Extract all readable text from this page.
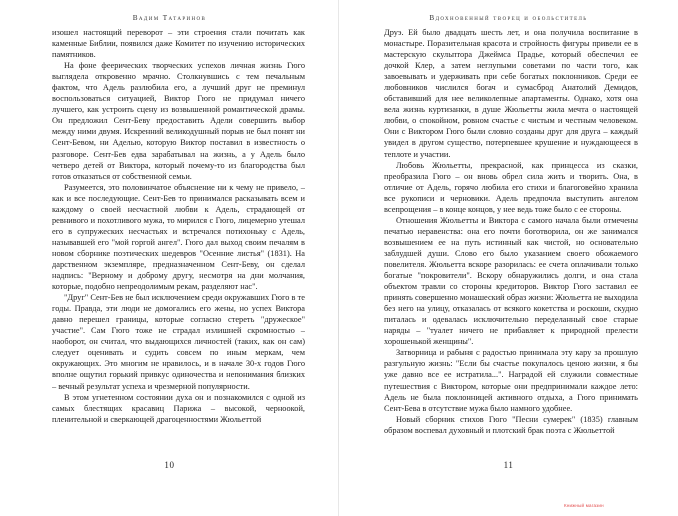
Вадим Татаринов

изошел настоящий переворот – эти строения стали почитать как каменные Библии, появился даже Комитет по изучению исторических памятников.

На фоне феерических творческих успехов личная жизнь Гюго выглядела откровенно мрачно. Столкнувшись с тем печальным фактом, что Адель разлюбила его, а лучший друг не преминул воспользоваться ситуацией, Виктор Гюго не придумал ничего лучшего, как устроить сцену из возвышенной романтической драмы. Он предложил Сент-Беву предоставить Адели совершить выбор между ними двумя. Искренний великодушный порыв не был понят ни Сент-Бевом, ни Аделью, которую Виктор поставил в известность о разговоре. Сент-Бев едва зарабатывал на жизнь, а у Адель было четверо детей от Виктора, который почему-то из благородства был готов отказаться от собственной семьи.

Разумеется, это половинчатое объяснение ни к чему не привело, – как и все последующие. Сент-Бев то принимался расказывать всем и каждому о своей несчастной любви к Адель, страдающей от ревнивого и похотливого мужа, то мирился с Гюго, лицемерно утешал его в супружеских несчастьях и встречался потихоньку с Адель, называвшей его "мой горгой ангел". Гюго дал выход своим печалям в новом сборнике поэтических шедевров "Осенние листья" (1831). На дарственном экземпляре, предназначенном Сент-Беву, он сделал надпись: "Верному и доброму другу, несмотря на дни молчания, которые, подобно непреодолимым рекам, разделяют нас".

"Друг" Сент-Бев не был исключением среди окружавших Гюго в те годы. Правда, эти люди не домогались его жены, но успех Виктора давно перешел границы, которые согласно стереть "дружеское" участие". Сам Гюго тоже не страдал излишней скромностью – наоборот, он считал, что выдающихся личностей (таких, как он сам) следует оценивать и судить совсем по иным меркам, чем окружающих. Это многим не нравилось, и в начале 30-х годов Гюго вполне ощутил горький привкус одиночества и непонимания близких – вечный результат успеха и чрезмерной популярности.

В этом угнетенном состоянии духа он и познакомился с одной из самых блестящих красавиц Парижа – высокой, черноокой, пленительной и сверкающей драгоценностями Жюльеттой

10
Вдохновенный творец и обольститель

Друэ. Ей было двадцать шесть лет, и она получила воспитание в монастыре. Поразительная красота и стройность фигуры привели ее в мастерскую скульптора Джеймса Прадье, который обеспечил ее дочкой Клер, а затем неглупыми советами по части того, как завоевывать и удерживать при себе богатых поклонников. Среди ее любовников числился богач и сумасброд Анатолий Демидов, обставивший для нее великолепные апартаменты. Однако, хотя она вела жизнь куртизанки, в душе Жюльетты жила мечта о настоящей любви, о спокойном, ровном счастье с чистым и честным человеком. Они с Виктором Гюго были словно созданы друг для друга – каждый увидел в другом существо, потерпевшее крушение и нуждающееся в теплоте и участии.

Любовь Жюльетты, прекрасной, как принцесса из сказки, преобразила Гюго – он вновь обрел сила жить и творить. Она, в отличие от Адель, горячо любила его стихи и благоговейно хранила все рукописи и черновики. Адель предпочла выступить ангелом всепрощения – в конце концов, у нее ведь тоже было с ее стороны.

Отношения Жюльетты и Виктора с самого начала были отмечены печатью неравенства: она его почти боготворила, он же занимался возвышением ее на путь истинный как чистой, но основательно заблудшей души. Слово его было указанием своего обожаемого повелителя. Жюльетта вскоре разорилась: ее счета оплачивали только богатые "покровители". Вскору обнаружились долги, и она стала объектом травли со стороны кредиторов. Виктор Гюго заставил ее принять совершенно монашеский образ жизни: Жюльетта не выходила без него на улицу, отказалась от всякого кокетства и роскоши, скудно питалась и одевалась исключительно переделанный свое старые наряды – "туалет ничего не прибавляет к природной прелести хорошенькой женщины".

Затворница и рабыня с радостью принимала эту кару за прошлую разгульную жизнь: "Если бы счастье покупалось ценою жизни, я бы уже давно все ее истратила...". Наградой ей служили совместные путешествия с Виктором, которые они предпринимали каждое лето: Адель не была поклонницей активного отдыха, а Гюго принимать Сент-Бева в отсутствие мужа было намного удобнее.

Новый сборник стихов Гюго "Песни сумерек" (1835) главным образом воспевал духовный и плотский брак поэта с Жюльеттой

11
Книжный магазин
